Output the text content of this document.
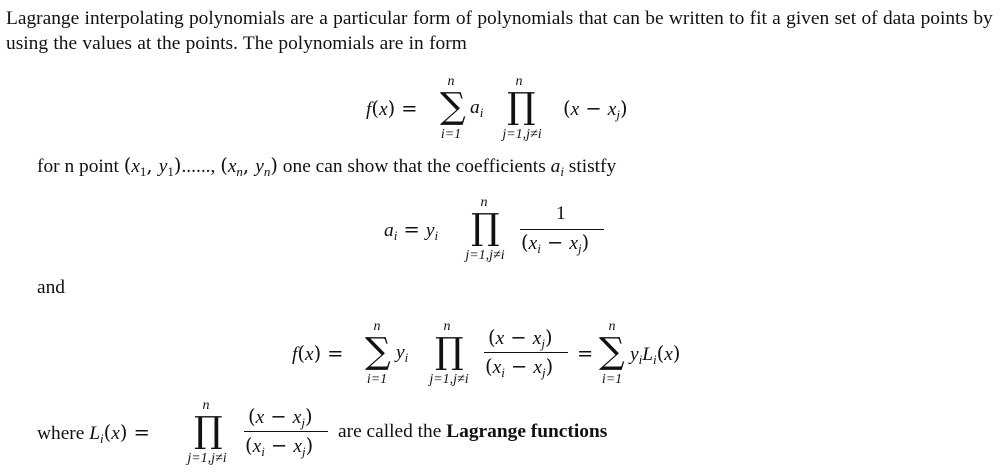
Lagrange interpolating polynomials are a particular form of polynomials that can be written to fit a given set of data points by using the values at the points. The polynomials are in form
f(x) =
n
∑
i=1
$a_i$
n
∏
j=1,j≠i
$(x - x_j)$
for n point ($x_1$, $y_1$)......, ($x_n$, $y_n$) one can show that the coefficients $a_i$ stistfy
$a_i = y_i$
n
∏
j=1,j≠i
1
$(x_i - x_j)$
and
f(x) =
n
∑
i=1
$y_i$
n
∏
j=1,j≠i
$(x - x_j)$
$(x_i - x_j)$
=
n
∑
i=1
$y_iL_i(x)$
where $L_i(x)$ =
n
∏
j=1,j≠i
$(x - x_j)$
$(x_i - x_j)$
are called the Lagrange functions
